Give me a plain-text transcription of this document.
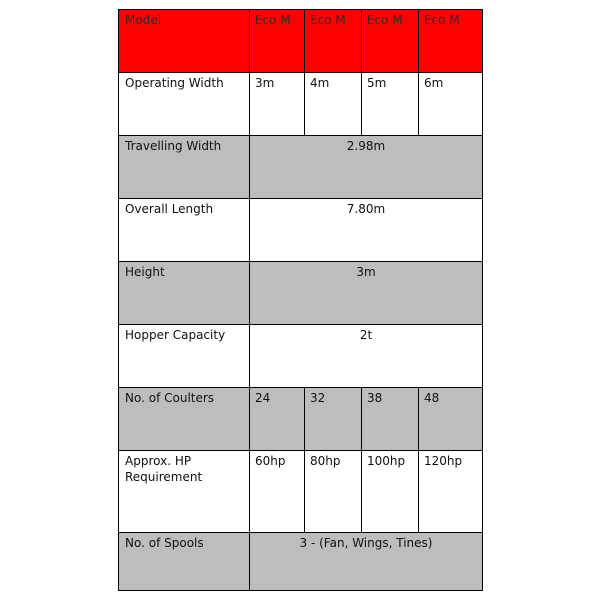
Model	Eco M	Eco M	Eco M	Eco M
Operating Width	3m	4m	5m	6m
Travelling Width	2.98m			
Overall Length	7.80m			
Height	3m			
Hopper Capacity	2t			
No. of Coulters	24	32	38	48
Approx. HP Requirement	60hp	80hp	100hp	120hp
No. of Spools	3 - (Fan, Wings, Tines)			
